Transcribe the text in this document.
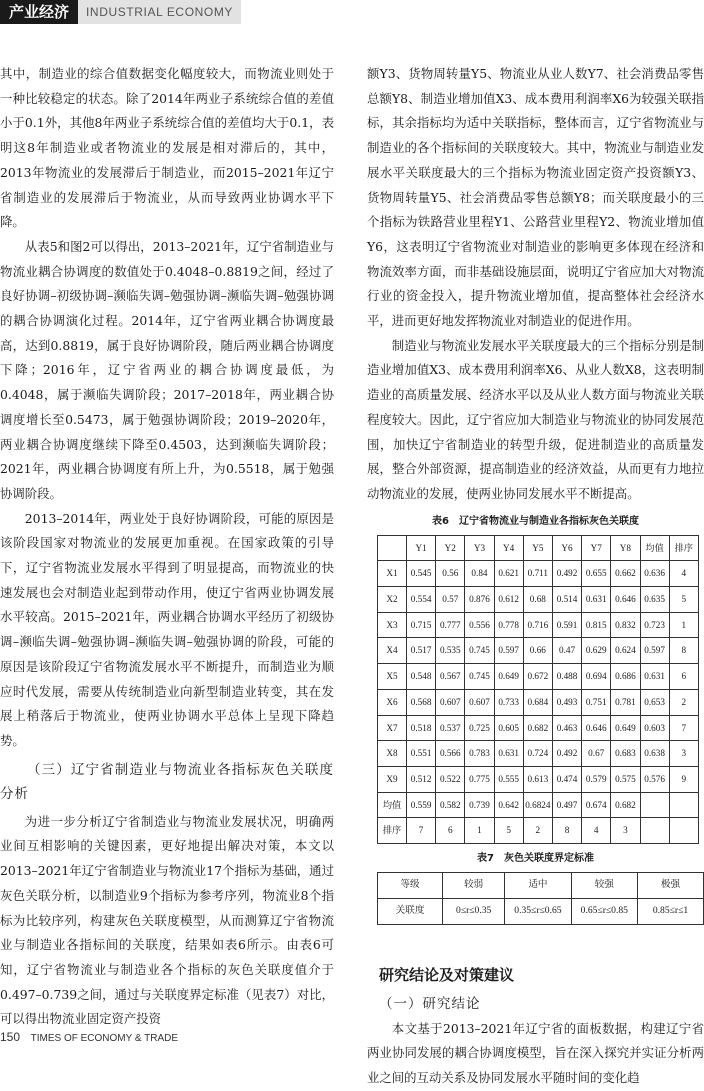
产业经济	INDUSTRIAL ECONOMY

其中，制造业的综合值数据变化幅度较大，而物流业则处于一种比较稳定的状态。除了2014年两业子系统综合值的差值小于0.1外，其他8年两业子系统综合值的差值均大于0.1，表明这8年制造业或者物流业的发展是相对滞后的，其中，2013年物流业的发展滞后于制造业，而2015–2021年辽宁省制造业的发展滞后于物流业，从而导致两业协调水平下降。

从表5和图2可以得出，2013–2021年，辽宁省制造业与物流业耦合协调度的数值处于0.4048–0.8819之间，经过了良好协调–初级协调–濒临失调–勉强协调–濒临失调–勉强协调的耦合协调演化过程。2014年，辽宁省两业耦合协调度最高，达到0.8819，属于良好协调阶段，随后两业耦合协调度下降；2016年，辽宁省两业的耦合协调度最低，为0.4048，属于濒临失调阶段；2017–2018年，两业耦合协调度增长至0.5473，属于勉强协调阶段；2019–2020年，两业耦合协调度继续下降至0.4503，达到濒临失调阶段；2021年，两业耦合协调度有所上升，为0.5518，属于勉强协调阶段。

2013–2014年，两业处于良好协调阶段，可能的原因是该阶段国家对物流业的发展更加重视。在国家政策的引导下，辽宁省物流业发展水平得到了明显提高，而物流业的快速发展也会对制造业起到带动作用，使辽宁省两业协调发展水平较高。2015–2021年，两业耦合协调水平经历了初级协调–濒临失调–勉强协调–濒临失调–勉强协调的阶段，可能的原因是该阶段辽宁省物流发展水平不断提升，而制造业为顺应时代发展，需要从传统制造业向新型制造业转变，其在发展上稍落后于物流业，使两业协调水平总体上呈现下降趋势。

（三）辽宁省制造业与物流业各指标灰色关联度分析

为进一步分析辽宁省制造业与物流业发展状况，明确两业间互相影响的关键因素，更好地提出解决对策，本文以2013–2021年辽宁省制造业与物流业17个指标为基础，通过灰色关联分析，以制造业9个指标为参考序列，物流业8个指标为比较序列，构建灰色关联度模型，从而测算辽宁省物流业与制造业各指标间的关联度，结果如表6所示。由表6可知，辽宁省物流业与制造业各个指标的灰色关联度值介于0.497–0.739之间，通过与关联度界定标准（见表7）对比，可以得出物流业固定资产投资

额Y3、货物周转量Y5、物流业从业人数Y7、社会消费品零售总额Y8、制造业增加值X3、成本费用利润率X6为较强关联指标，其余指标均为适中关联指标，整体而言，辽宁省物流业与制造业的各个指标间的关联度较大。其中，物流业与制造业发展水平关联度最大的三个指标为物流业固定资产投资额Y3、货物周转量Y5、社会消费品零售总额Y8；而关联度最小的三个指标为铁路营业里程Y1、公路营业里程Y2、物流业增加值Y6，这表明辽宁省物流业对制造业的影响更多体现在经济和物流效率方面，而非基础设施层面，说明辽宁省应加大对物流行业的资金投入，提升物流业增加值，提高整体社会经济水平，进而更好地发挥物流业对制造业的促进作用。

制造业与物流业发展水平关联度最大的三个指标分别是制造业增加值X3、成本费用利润率X6、从业人数X8，这表明制造业的高质量发展、经济水平以及从业人数方面与物流业关联程度较大。因此，辽宁省应加大制造业与物流业的协同发展范围，加快辽宁省制造业的转型升级，促进制造业的高质量发展，整合外部资源，提高制造业的经济效益，从而更有力地拉动物流业的发展，使两业协同发展水平不断提高。

表6　辽宁省物流业与制造业各指标灰色关联度
	Y1	Y2	Y3	Y4	Y5	Y6	Y7	Y8	均值	排序
X1	0.545	0.56	0.84	0.621	0.711	0.492	0.655	0.662	0.636	4
X2	0.554	0.57	0.876	0.612	0.68	0.514	0.631	0.646	0.635	5
X3	0.715	0.777	0.556	0.778	0.716	0.591	0.815	0.832	0.723	1
X4	0.517	0.535	0.745	0.597	0.66	0.47	0.629	0.624	0.597	8
X5	0.548	0.567	0.745	0.649	0.672	0.488	0.694	0.686	0.631	6
X6	0.568	0.607	0.607	0.733	0.684	0.493	0.751	0.781	0.653	2
X7	0.518	0.537	0.725	0.605	0.682	0.463	0.646	0.649	0.603	7
X8	0.551	0.566	0.783	0.631	0.724	0.492	0.67	0.683	0.638	3
X9	0.512	0.522	0.775	0.555	0.613	0.474	0.579	0.575	0.576	9
均值	0.559	0.582	0.739	0.642	0.6824	0.497	0.674	0.682		
排序	7	6	1	5	2	8	4	3		
表7　灰色关联度界定标准
等级	较弱	适中	较强	极强
关联度	0≤r≤0.35	0.35≤r≤0.65	0.65≤r≤0.85	0.85≤r≤1
研究结论及对策建议
（一）研究结论

本文基于2013–2021年辽宁省的面板数据，构建辽宁省两业协同发展的耦合协调度模型，旨在深入探究并实证分析两业之间的互动关系及协同发展水平随时间的变化趋

150 TIMES OF ECONOMY & TRADE
